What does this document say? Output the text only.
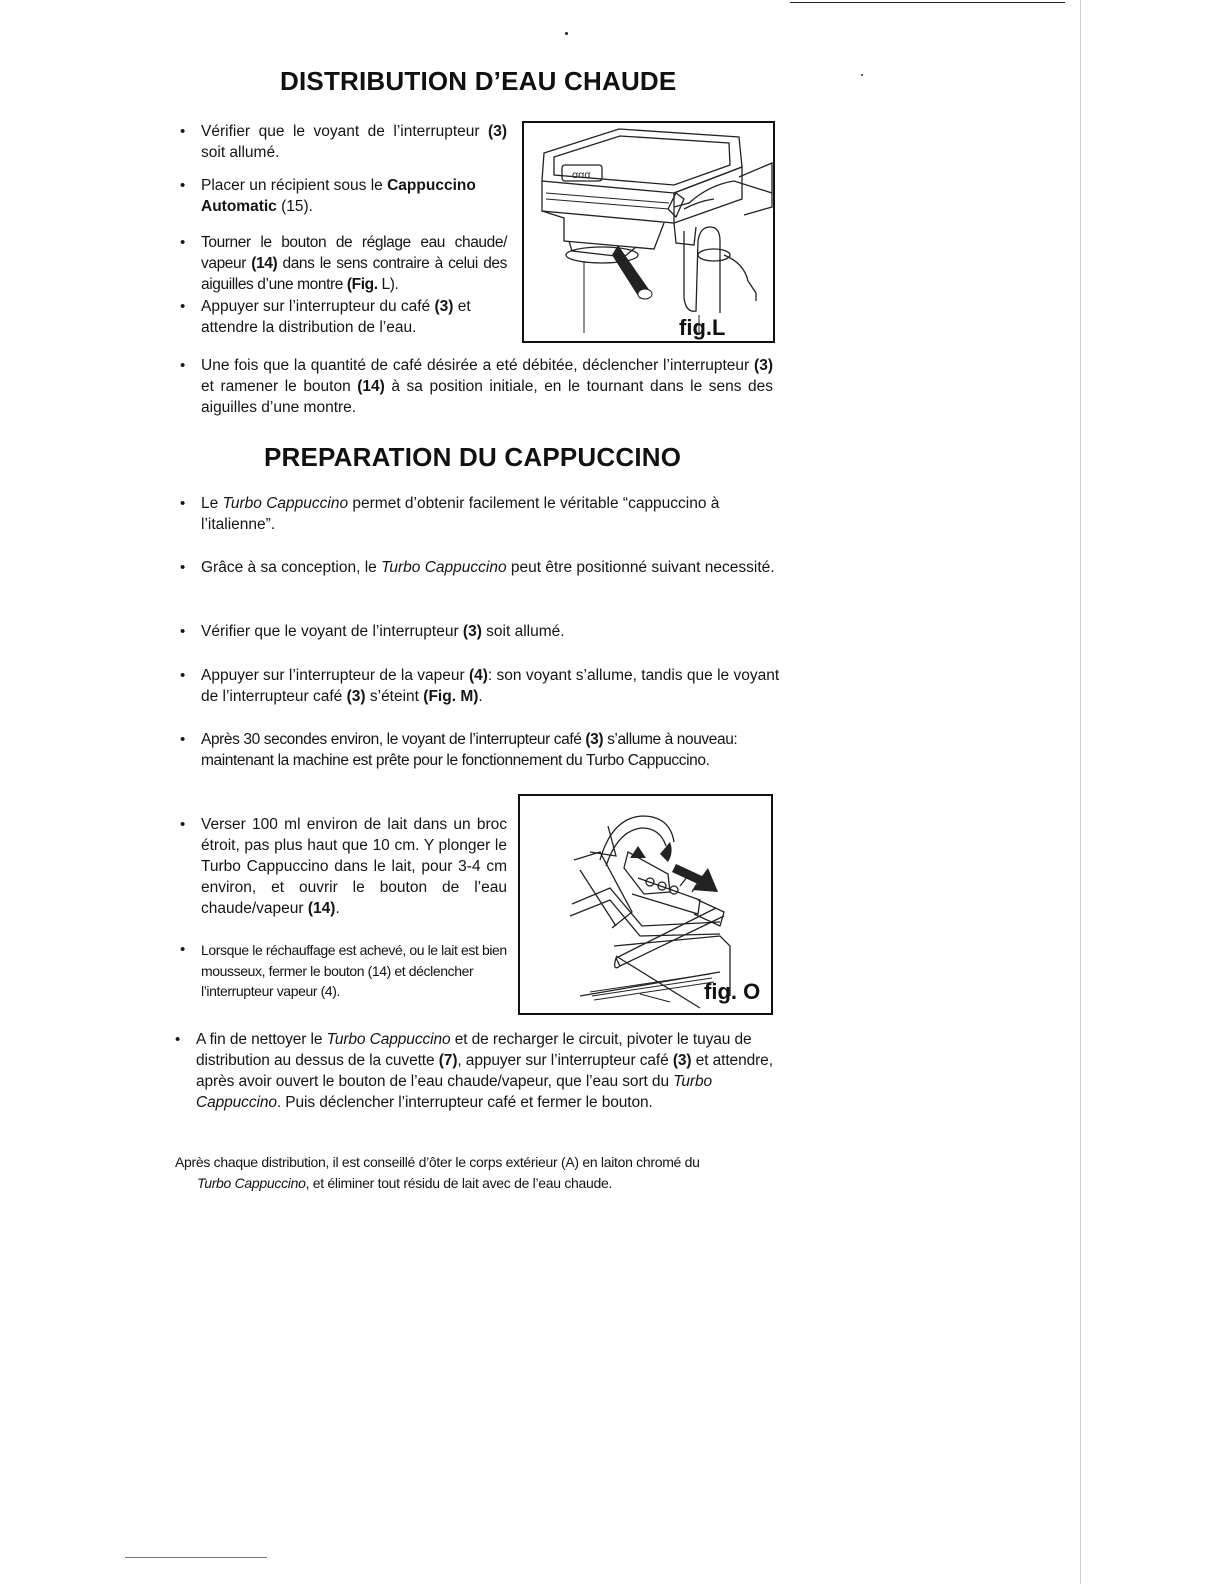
DISTRIBUTION D’EAU CHAUDE

• Vérifier que le voyant de l’interrupteur (3) soit allumé.

• Placer un récipient sous le Cappuccino Automatic (15).

• Tourner le bouton de réglage eau chaude/ vapeur (14) dans le sens contraire à celui des aiguilles d’une montre (Fig. L).

• Appuyer sur l’interrupteur du café (3) et attendre la distribution de l’eau.

ꭤꭤꭤ
fig.L

• Une fois que la quantité de café désirée a eté débitée, déclencher l’interrupteur (3) et ramener le bouton (14) à sa position initiale, en le tournant dans le sens des aiguilles d’une montre.

PREPARATION DU CAPPUCCINO

• Le Turbo Cappuccino permet d’obtenir facilement le véritable “cappuccino à l’italienne”.

• Grâce à sa conception, le Turbo Cappuccino peut être positionné suivant necessité.

• Vérifier que le voyant de l’interrupteur (3) soit allumé.

• Appuyer sur l’interrupteur de la vapeur (4): son voyant s’allume, tandis que le voyant de l’interrupteur café (3) s’éteint (Fig. M).

• Après 30 secondes environ, le voyant de l’interrupteur café (3) s’allume à nouveau: maintenant la machine est prête pour le fonctionnement du Turbo Cappuccino.

• Verser 100 ml environ de lait dans un broc étroit, pas plus haut que 10 cm. Y plonger le Turbo Cappuccino dans le lait, pour 3-4 cm environ, et ouvrir le bouton de l’eau chaude/vapeur (14).

• Lorsque le réchauffage est achevé, ou le lait est bien mousseux, fermer le bouton (14) et déclencher l’interrupteur vapeur (4).	fig. O

• A fin de nettoyer le Turbo Cappuccino et de recharger le circuit, pivoter le tuyau de distribution au dessus de la cuvette (7), appuyer sur l’interrupteur café (3) et attendre, après avoir ouvert le bouton de l’eau chaude/vapeur, que l’eau sort du Turbo Cappuccino. Puis déclencher l’interrupteur café et fermer le bouton.

Après chaque distribution, il est conseillé d’ôter le corps extérieur (A) en laiton chromé du
Turbo Cappuccino, et éliminer tout résidu de lait avec de l’eau chaude.
